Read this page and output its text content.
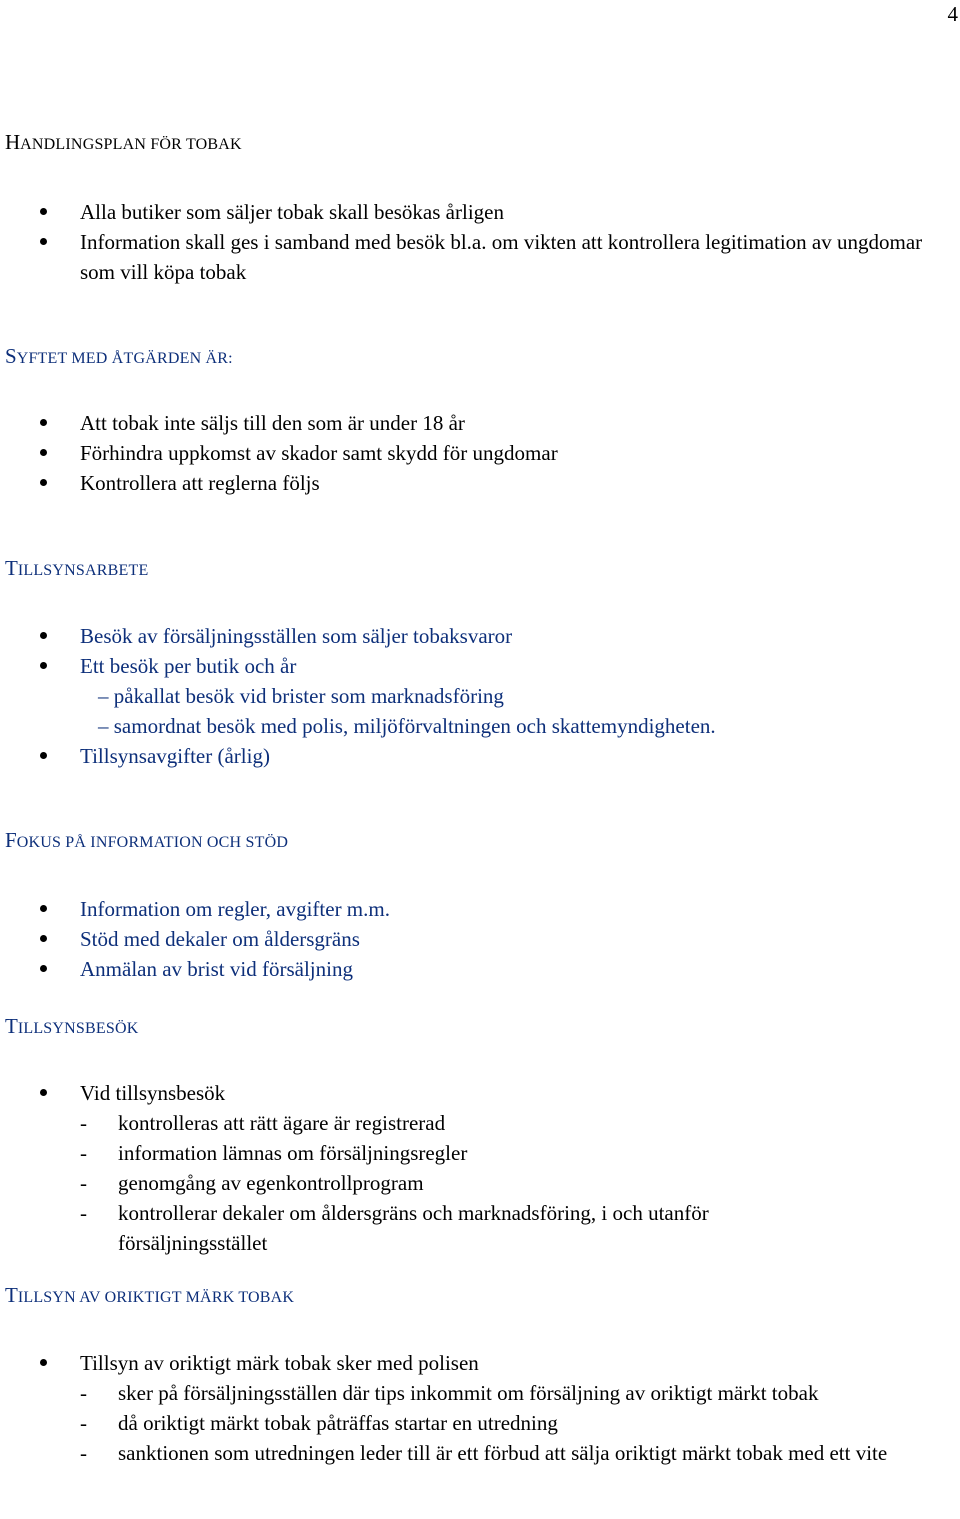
4
HANDLINGSPLAN FÖR TOBAK
Alla butiker som säljer tobak skall besökas årligen
Information skall ges i samband med besök bl.a. om vikten att kontrollera legitimation av ungdomar som vill köpa tobak
SYFTET MED ÅTGÄRDEN ÄR:
Att tobak inte säljs till den som är under 18 år
Förhindra uppkomst av skador samt skydd för ungdomar
Kontrollera att reglerna följs
TILLSYNSARBETE
Besök av försäljningsställen som säljer tobaksvaror
Ett besök per butik och år
– påkallat besök vid brister som marknadsföring
– samordnat besök med polis, miljöförvaltningen och skattemyndigheten.
Tillsynsavgifter (årlig)
FOKUS PÅ INFORMATION OCH STÖD
Information om regler, avgifter m.m.
Stöd med dekaler om åldersgräns
Anmälan av brist vid försäljning
TILLSYNSBESÖK
Vid tillsynsbesök
- kontrolleras att rätt ägare är registrerad
- information lämnas om försäljningsregler
- genomgång av egenkontrollprogram
- kontrollerar dekaler om åldersgräns och marknadsföring, i och utanför försäljningsstället
TILLSYN AV ORIKTIGT MÄRK TOBAK
Tillsyn av oriktigt märk tobak sker med polisen
- sker på försäljningsställen där tips inkommit om försäljning av oriktigt märkt tobak
- då oriktigt märkt tobak påträffas startar en utredning
- sanktionen som utredningen leder till är ett förbud att sälja oriktigt märkt tobak med ett vite
